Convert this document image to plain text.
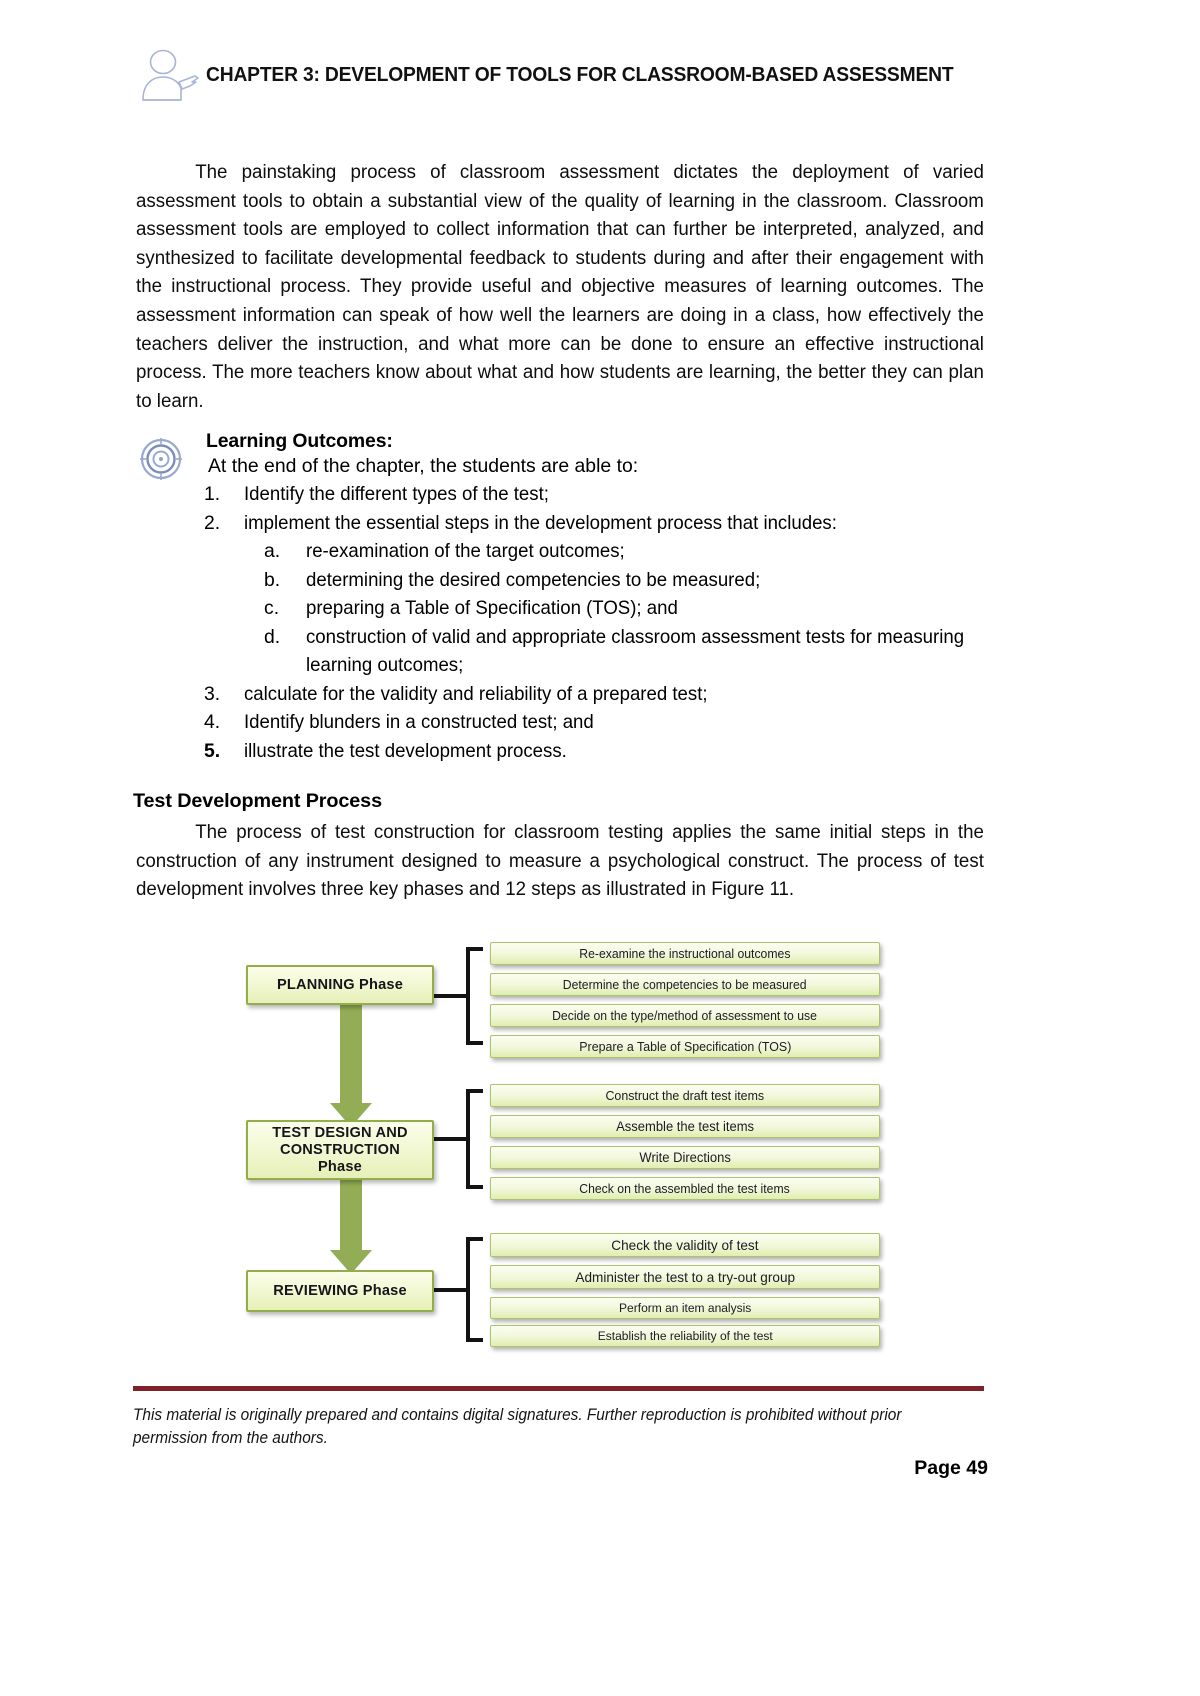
CHAPTER 3: DEVELOPMENT OF TOOLS FOR CLASSROOM-BASED ASSESSMENT

The painstaking process of classroom assessment dictates the deployment of varied assessment tools to obtain a substantial view of the quality of learning in the classroom. Classroom assessment tools are employed to collect information that can further be interpreted, analyzed, and synthesized to facilitate developmental feedback to students during and after their engagement with the instructional process. They provide useful and objective measures of learning outcomes. The assessment information can speak of how well the learners are doing in a class, how effectively the teachers deliver the instruction, and what more can be done to ensure an effective instructional process. The more teachers know about what and how students are learning, the better they can plan to learn.

Learning Outcomes:
At the end of the chapter, the students are able to:
1.	Identify the different types of the test;
2.	implement the essential steps in the development process that includes:
a.	re-examination of the target outcomes;
b.	determining the desired competencies to be measured;
c.	preparing a Table of Specification (TOS); and
d.	construction of valid and appropriate classroom assessment tests for measuring learning outcomes;
3.	calculate for the validity and reliability of a prepared test;
4.	Identify blunders in a constructed test; and
5.	illustrate the test development process.
Test Development Process

The process of test construction for classroom testing applies the same initial steps in the construction of any instrument designed to measure a psychological construct. The process of test development involves three key phases and 12 steps as illustrated in Figure 11.

PLANNING Phase
Re-examine the instructional outcomes
Determine the competencies to be measured
Decide on the type/method of assessment to use
Prepare a Table of Specification (TOS)
TEST DESIGN AND
CONSTRUCTION
Phase
Construct the draft test items
Assemble the test items
Write Directions
Check on the assembled the test items
REVIEWING Phase
Check the validity of test
Administer the test to a try-out group
Perform an item analysis
Establish the reliability of the test
This material is originally prepared and contains digital signatures. Further reproduction is prohibited without prior
permission from the authors.
Page 49
